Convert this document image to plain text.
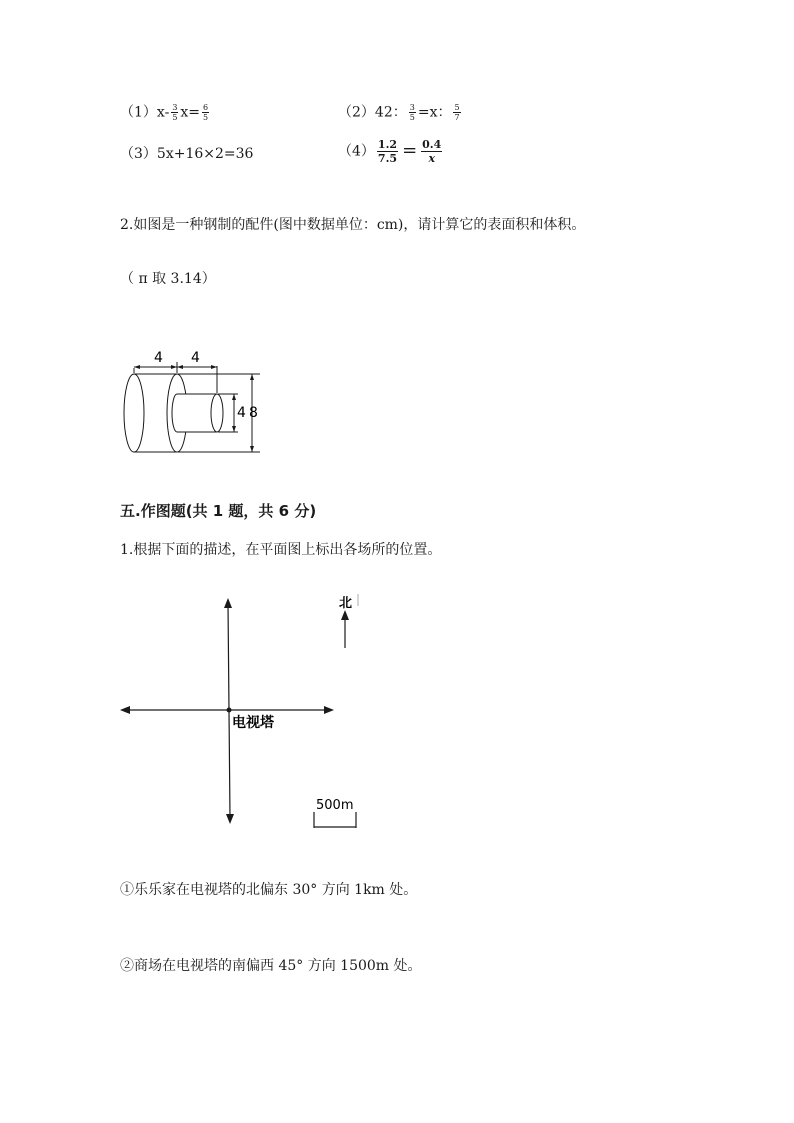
$(1)x- \frac{3}{5} x= \frac{6}{5}$	（2）42： $\frac{3}{5} =x$： $\frac{5}{7}$
（3）5x+16×2=36	$(4) \frac{1.2}{7.5} = \frac{0.4}{x}$
2.如图是一种钢制的配件(图中数据单位：cm)，请计算它的表面积和体积。
（ π 取 3.14）
4 4
4 8
五.作图题(共 1 题，共 6 分)
1.根据下面的描述，在平面图上标出各场所的位置。
电视塔
北
500m
①乐乐家在电视塔的北偏东 30° 方向 1km 处。
②商场在电视塔的南偏西 45° 方向 1500m 处。
